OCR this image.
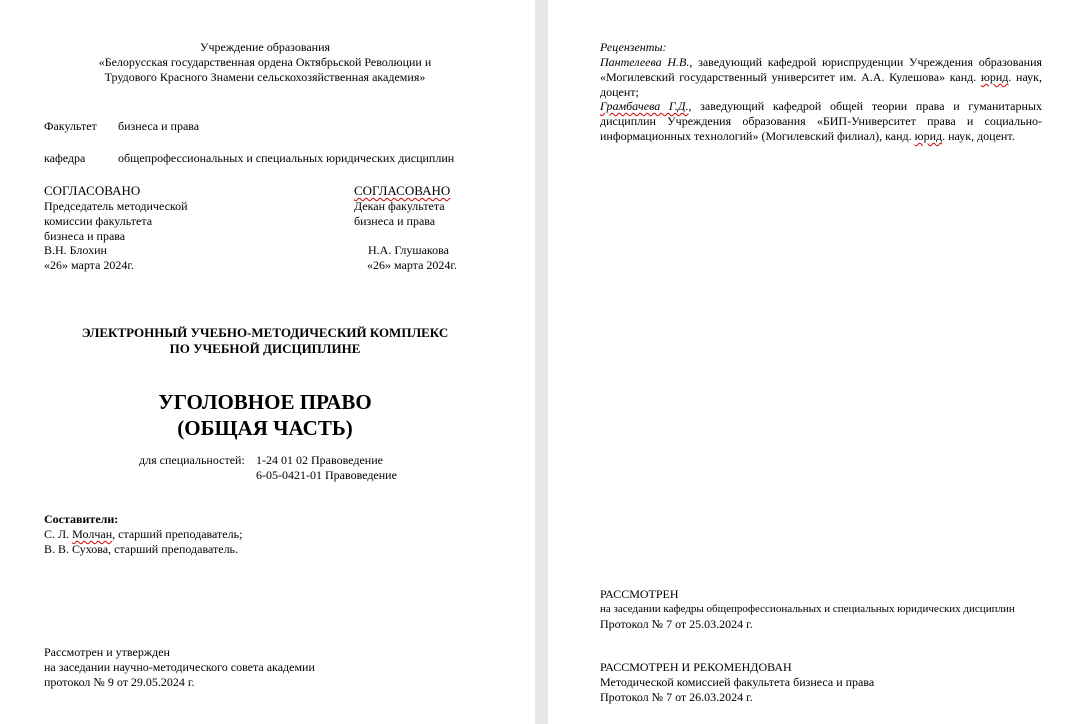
Учреждение образования
«Белорусская государственная ордена Октябрьской Революции и
Трудового Красного Знамени сельскохозяйственная академия»
Факультет бизнеса и права
кафедра	общепрофессиональных и специальных юридических дисциплин
СОГЛАСОВАНО
Председатель методической
комиссии факультета
бизнеса и права
В.Н. Блохин
«26» марта 2024г.
СОГЛАСОВАНО
Декан факультета
бизнеса и права
Н.А. Глушакова
«26» марта 2024г.
ЭЛЕКТРОННЫЙ УЧЕБНО-МЕТОДИЧЕСКИЙ КОМПЛЕКС
ПО УЧЕБНОЙ ДИСЦИПЛИНЕ
УГОЛОВНОЕ ПРАВО
(ОБЩАЯ ЧАСТЬ)
для специальностей: 1-24 01 02 Правоведение
6-05-0421-01 Правоведение
Составители:
С. Л. Молчан, старший преподаватель;
В. В. Сухова, старший преподаватель.
Рассмотрен и утвержден
на заседании научно-методического совета академии
протокол № 9 от 29.05.2024 г.
Рецензенты:
Пантелеева Н.В., заведующий кафедрой юриспруденции Учреждения образования «Могилевский государственный университет им. А.А. Кулешова» канд. юрид. наук, доцент;
Грамбачева Г.Д., заведующий кафедрой общей теории права и гуманитарных дисциплин Учреждения образования «БИП-Университет права и социально-информационных технологий» (Могилевский филиал), канд. юрид. наук, доцент.
РАССМОТРЕН
на заседании кафедры общепрофессиональных и специальных юридических дисциплин
Протокол № 7 от 25.03.2024 г.
РАССМОТРЕН И РЕКОМЕНДОВАН
Методической комиссией факультета бизнеса и права
Протокол № 7 от 26.03.2024 г.
